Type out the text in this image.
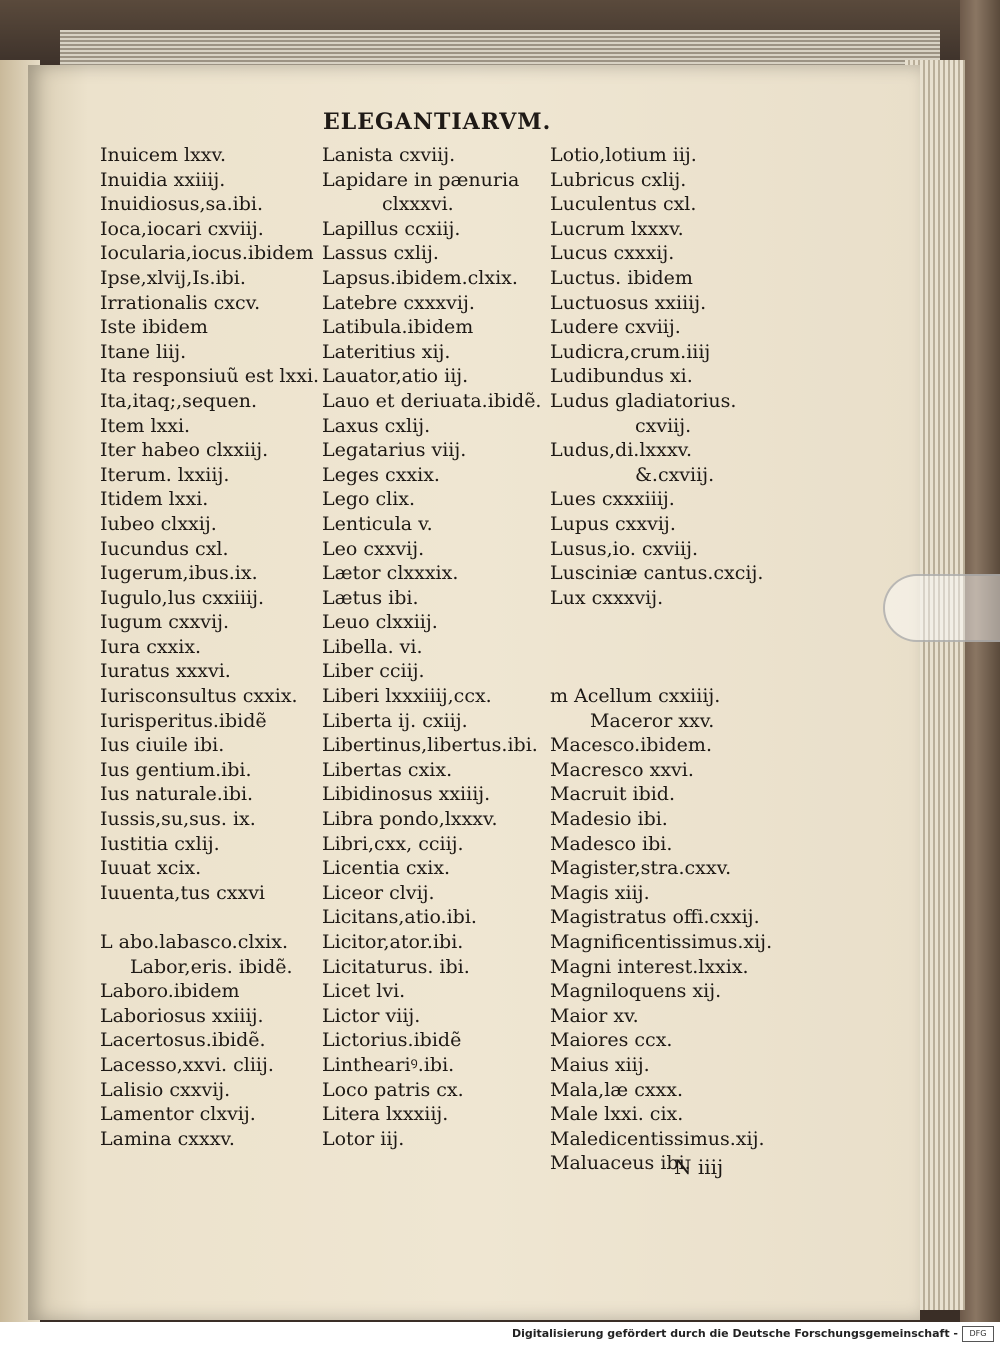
ELEGANTIARVM.
Inuicem lxxv.
Inuidia xxiiij.
Inuidiosus,sa.ibi.
Ioca,iocari cxviij.
Iocularia,iocus.ibidem
Ipse,xlvij,Is.ibi.
Irrationalis cxcv.
Iste ibidem
Itane liij.
Ita responsiuũ est lxxi.
Ita,itaq;,sequen.
Item lxxi.
Iter habeo clxxiij.
Iterum. lxxiij.
Itidem lxxi.
Iubeo clxxij.
Iucundus cxl.
Iugerum,ibus.ix.
Iugulo,lus cxxiiij.
Iugum cxxvij.
Iura cxxix.
Iuratus xxxvi.
Iurisconsultus cxxix.
Iurisperitus.ibidẽ
Ius ciuile ibi.
Ius gentium.ibi.
Ius naturale.ibi.
Iussis,su,sus. ix.
Iustitia cxlij.
Iuuat xcix.
Iuuenta,tus cxxvi
L abo.labasco.clxix.
Labor,eris. ibidẽ.
Laboro.ibidem
Laboriosus xxiiij.
Lacertosus.ibidẽ.
Lacesso,xxvi. cliij.
Lalisio cxxvij.
Lamentor clxvij.
Lamina cxxxv.
Lanista cxviij.
Lapidare in pænuria
clxxxvi.
Lapillus ccxiij.
Lassus cxlij.
Lapsus.ibidem.clxix.
Latebre cxxxvij.
Latibula.ibidem
Lateritius xij.
Lauator,atio iij.
Lauo et deriuata.ibidẽ.
Laxus cxlij.
Legatarius viij.
Leges cxxix.
Lego clix.
Lenticula v.
Leo cxxvij.
Lætor clxxxix.
Lætus ibi.
Leuo clxxiij.
Libella. vi.
Liber cciij.
Liberi lxxxiiij,ccx.
Liberta ij. cxiij.
Libertinus,libertus.ibi.
Libertas cxix.
Libidinosus xxiiij.
Libra pondo,lxxxv.
Libri,cxx, cciij.
Licentia cxix.
Liceor clvij.
Licitans,atio.ibi.
Licitor,ator.ibi.
Licitaturus. ibi.
Licet lvi.
Lictor viij.
Lictorius.ibidẽ
Lintheariꝰ.ibi.
Loco patris cx.
Litera lxxxiij.
Lotor iij.
Lotio,lotium iij.
Lubricus cxlij.
Luculentus cxl.
Lucrum lxxxv.
Lucus cxxxij.
Luctus. ibidem
Luctuosus xxiiij.
Ludere cxviij.
Ludicra,crum.iiij
Ludibundus xi.
Ludus gladiatorius.
cxviij.
Ludus,di.lxxxv.
&.cxviij.
Lues cxxxiiij.
Lupus cxxvij.
Lusus,io. cxviij.
Lusciniæ cantus.cxcij.
Lux cxxxvij.
m Acellum cxxiiij.
Maceror xxv.
Macesco.ibidem.
Macresco xxvi.
Macruit ibid.
Madesio ibi.
Madesco ibi.
Magister,stra.cxxv.
Magis xiij.
Magistratus offi.cxxij.
Magnificentissimus.xij.
Magni interest.lxxix.
Magniloquens xij.
Maior xv.
Maiores ccx.
Maius xiij.
Mala,læ cxxx.
Male lxxi. cix.
Maledicentissimus.xij.
Maluaceus ibi.
N iiij
Digitalisierung gefördert durch die Deutsche Forschungsgemeinschaft -	DFG
